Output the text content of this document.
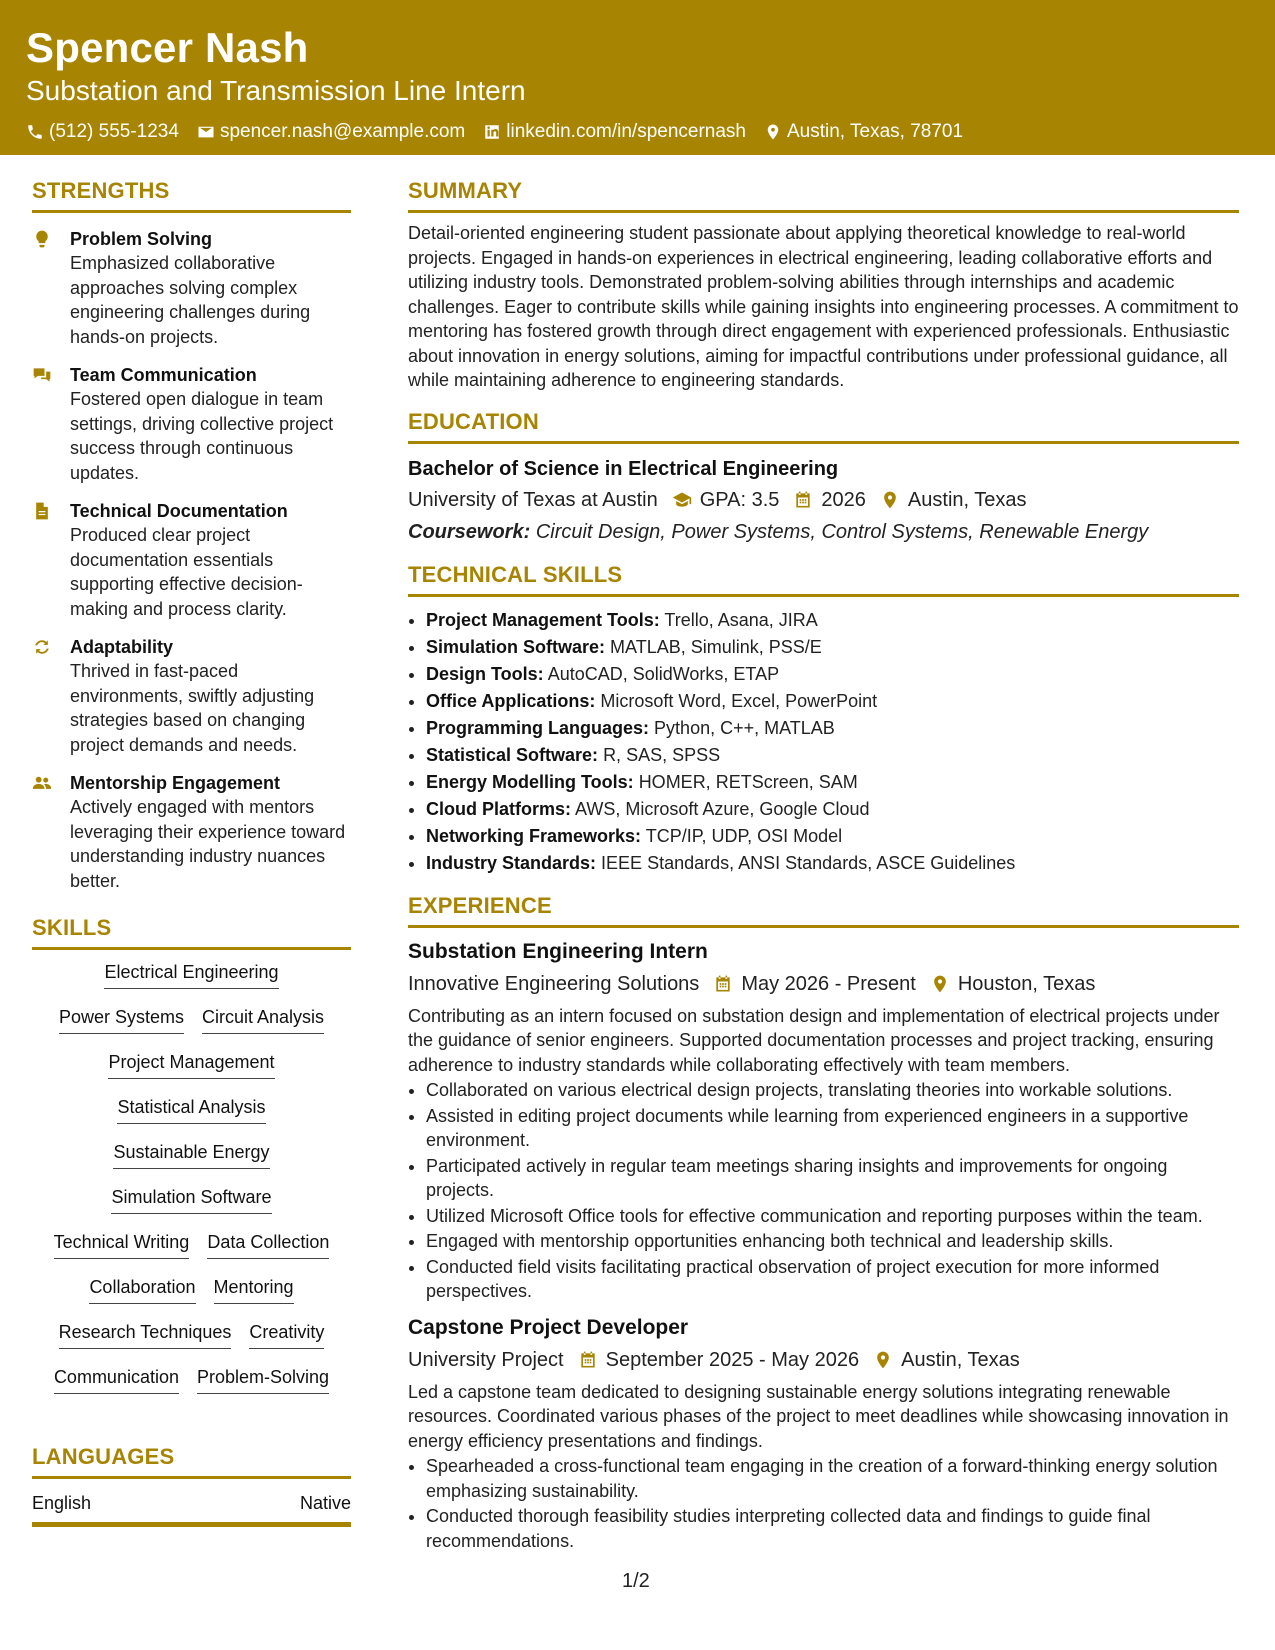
Spencer Nash
Substation and Transmission Line Intern
(512) 555-1234 spencer.nash@example.com linkedin.com/in/spencernash Austin, Texas, 78701
STRENGTHS
Problem Solving
Emphasized collaborative approaches solving complex engineering challenges during hands-on projects.
Team Communication
Fostered open dialogue in team settings, driving collective project success through continuous updates.
Technical Documentation
Produced clear project documentation essentials supporting effective decision-making and process clarity.
Adaptability
Thrived in fast-paced environments, swiftly adjusting strategies based on changing project demands and needs.
Mentorship Engagement
Actively engaged with mentors leveraging their experience toward understanding industry nuances better.
SKILLS
Electrical Engineering
Power Systems Circuit Analysis
Project Management
Statistical Analysis
Sustainable Energy
Simulation Software
Technical Writing Data Collection
Collaboration Mentoring
Research Techniques Creativity
Communication Problem-Solving
LANGUAGES
English	Native
SUMMARY
Detail-oriented engineering student passionate about applying theoretical knowledge to real-world projects. Engaged in hands-on experiences in electrical engineering, leading collaborative efforts and utilizing industry tools. Demonstrated problem-solving abilities through internships and academic challenges. Eager to contribute skills while gaining insights into engineering processes. A commitment to mentoring has fostered growth through direct engagement with experienced professionals. Enthusiastic about innovation in energy solutions, aiming for impactful contributions under professional guidance, all while maintaining adherence to engineering standards.
EDUCATION
Bachelor of Science in Electrical Engineering
University of Texas at Austin GPA: 3.5 2026 Austin, Texas
Coursework: Circuit Design, Power Systems, Control Systems, Renewable Energy
TECHNICAL SKILLS
• Project Management Tools: Trello, Asana, JIRA
• Simulation Software: MATLAB, Simulink, PSS/E
• Design Tools: AutoCAD, SolidWorks, ETAP
• Office Applications: Microsoft Word, Excel, PowerPoint
• Programming Languages: Python, C++, MATLAB
• Statistical Software: R, SAS, SPSS
• Energy Modelling Tools: HOMER, RETScreen, SAM
• Cloud Platforms: AWS, Microsoft Azure, Google Cloud
• Networking Frameworks: TCP/IP, UDP, OSI Model
• Industry Standards: IEEE Standards, ANSI Standards, ASCE Guidelines
EXPERIENCE
Substation Engineering Intern
Innovative Engineering Solutions May 2026 - Present Houston, Texas
Contributing as an intern focused on substation design and implementation of electrical projects under the guidance of senior engineers. Supported documentation processes and project tracking, ensuring adherence to industry standards while collaborating effectively with team members.
• Collaborated on various electrical design projects, translating theories into workable solutions.
• Assisted in editing project documents while learning from experienced engineers in a supportive environment.
• Participated actively in regular team meetings sharing insights and improvements for ongoing projects.
• Utilized Microsoft Office tools for effective communication and reporting purposes within the team.
• Engaged with mentorship opportunities enhancing both technical and leadership skills.
• Conducted field visits facilitating practical observation of project execution for more informed perspectives.
Capstone Project Developer
University Project September 2025 - May 2026 Austin, Texas
Led a capstone team dedicated to designing sustainable energy solutions integrating renewable resources. Coordinated various phases of the project to meet deadlines while showcasing innovation in energy efficiency presentations and findings.
• Spearheaded a cross-functional team engaging in the creation of a forward-thinking energy solution emphasizing sustainability.
• Conducted thorough feasibility studies interpreting collected data and findings to guide final recommendations.
1/2
